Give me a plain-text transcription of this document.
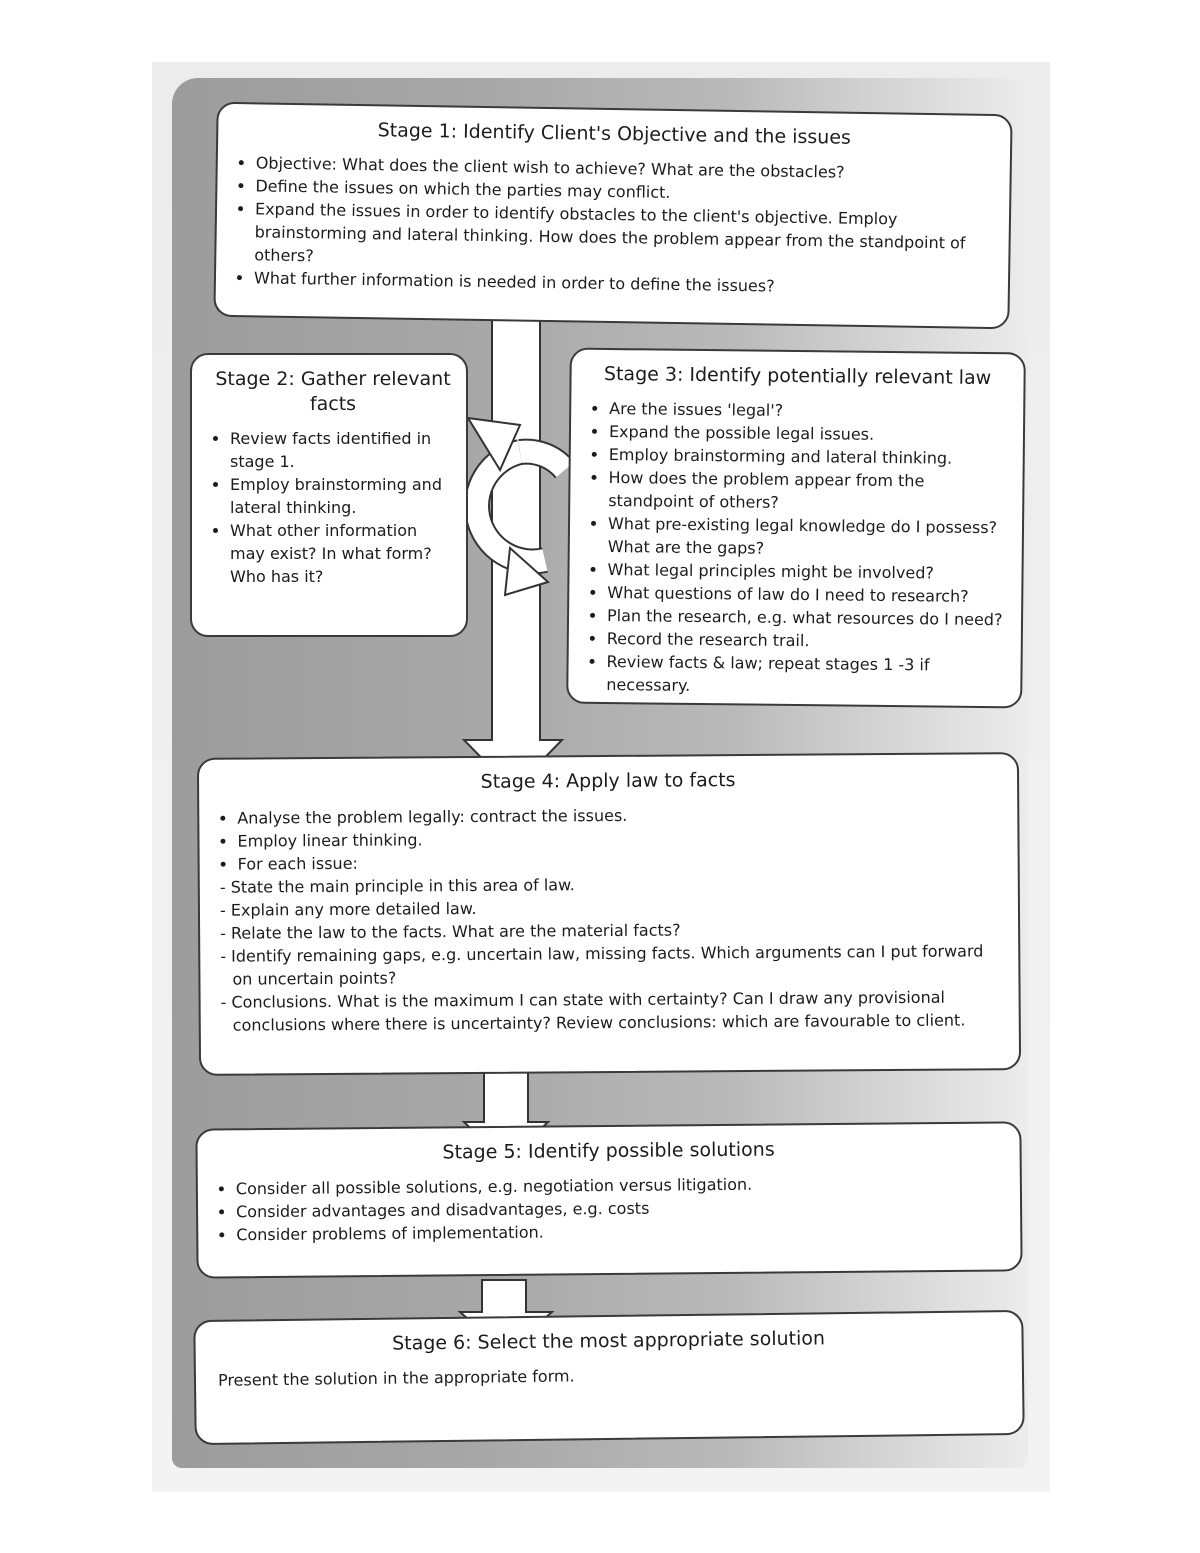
Stage 1: Identify Client's Objective and the issues
• Objective: What does the client wish to achieve? What are the obstacles?
• Define the issues on which the parties may conflict.
• Expand the issues in order to identify obstacles to the client's objective. Employ brainstorming and lateral thinking. How does the problem appear from the standpoint of others?
• What further information is needed in order to define the issues?
Stage 2: Gather relevant facts
• Review facts identified in stage 1.
• Employ brainstorming and lateral thinking.
• What other information may exist? In what form? Who has it?
Stage 3: Identify potentially relevant law
• Are the issues 'legal'?
• Expand the possible legal issues.
• Employ brainstorming and lateral thinking.
• How does the problem appear from the standpoint of others?
• What pre-existing legal knowledge do I possess? What are the gaps?
• What legal principles might be involved?
• What questions of law do I need to research?
• Plan the research, e.g. what resources do I need?
• Record the research trail.
• Review facts & law; repeat stages 1 -3 if necessary.
Stage 4: Apply law to facts
• Analyse the problem legally: contract the issues.
• Employ linear thinking.
• For each issue:
- State the main principle in this area of law.
- Explain any more detailed law.
- Relate the law to the facts. What are the material facts?
- Identify remaining gaps, e.g. uncertain law, missing facts. Which arguments can I put forward on uncertain points?
- Conclusions. What is the maximum I can state with certainty? Can I draw any provisional conclusions where there is uncertainty? Review conclusions: which are favourable to client.
Stage 5: Identify possible solutions
• Consider all possible solutions, e.g. negotiation versus litigation.
• Consider advantages and disadvantages, e.g. costs
• Consider problems of implementation.
Stage 6: Select the most appropriate solution

Present the solution in the appropriate form.
